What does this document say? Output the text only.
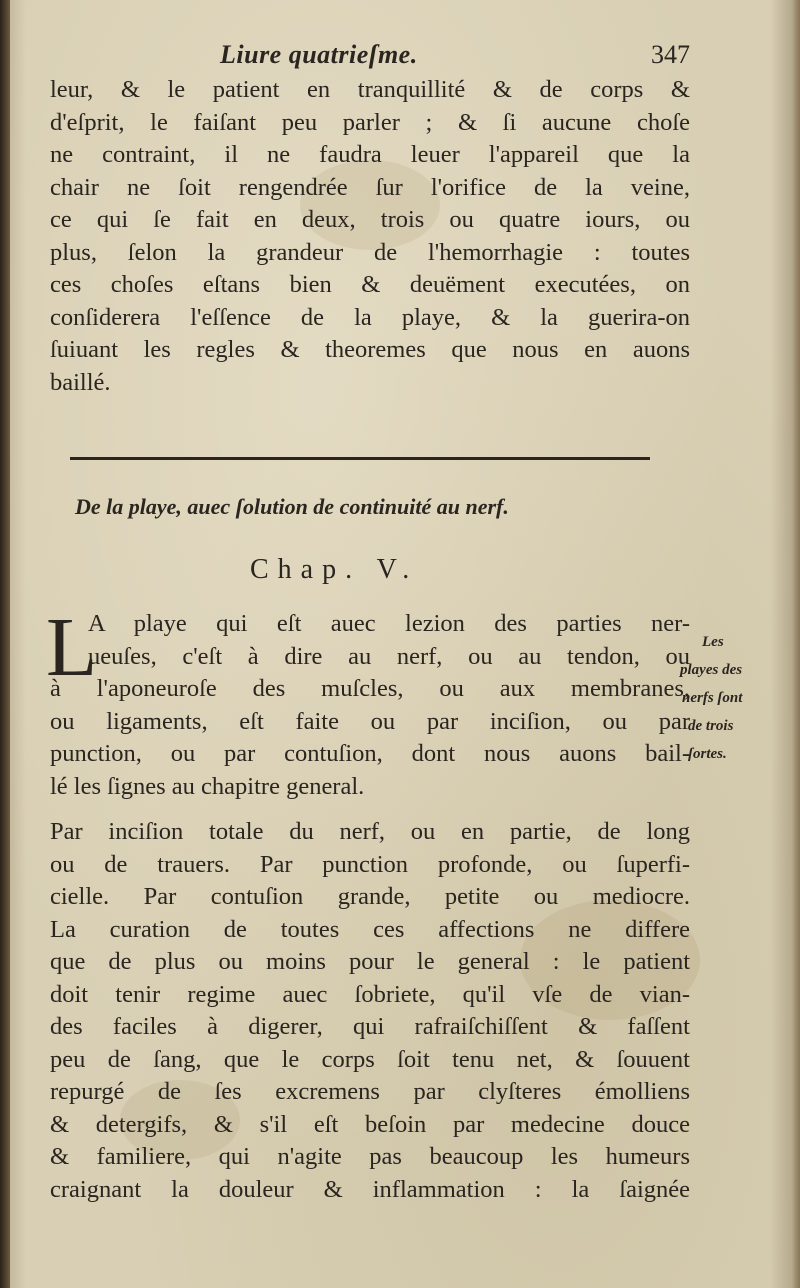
Liure quatrieſme.	347
leur, & le patient en tranquillité & de corps &
d'eſprit, le faiſant peu parler ; & ſi aucune choſe
ne contraint, il ne faudra leuer l'appareil que la
chair ne ſoit rengendrée ſur l'orifice de la veine,
ce qui ſe fait en deux, trois ou quatre iours, ou
plus, ſelon la grandeur de l'hemorrhagie : toutes
ces choſes eſtans bien & deuëment executées, on
conſiderera l'eſſence de la playe, & la guerira-on
ſuiuant les regles & theoremes que nous en auons
baillé.
De la playe, auec ſolution de continuité au nerf.
Chap. V.
L
A playe qui eſt auec lezion des parties ner-
ueuſes, c'eſt à dire au nerf, ou au tendon, ou
à l'aponeuroſe des muſcles, ou aux membranes,
ou ligaments, eſt faite ou par inciſion, ou par
punction, ou par contuſion, dont nous auons bail-
lé les ſignes au chapitre general.
Par inciſion totale du nerf, ou en partie, de long
ou de trauers. Par punction profonde, ou ſuperfi-
cielle. Par contuſion grande, petite ou mediocre.
La curation de toutes ces affections ne differe
que de plus ou moins pour le general : le patient
doit tenir regime auec ſobriete, qu'il vſe de vian-
des faciles à digerer, qui rafraiſchiſſent & faſſent
peu de ſang, que le corps ſoit tenu net, & ſouuent
repurgé de ſes excremens par clyſteres émolliens
& detergifs, & s'il eſt beſoin par medecine douce
& familiere, qui n'agite pas beaucoup les humeurs
craignant la douleur & inflammation : la ſaignée
Les
playes des
nerfs ſont
de trois
ſortes.
